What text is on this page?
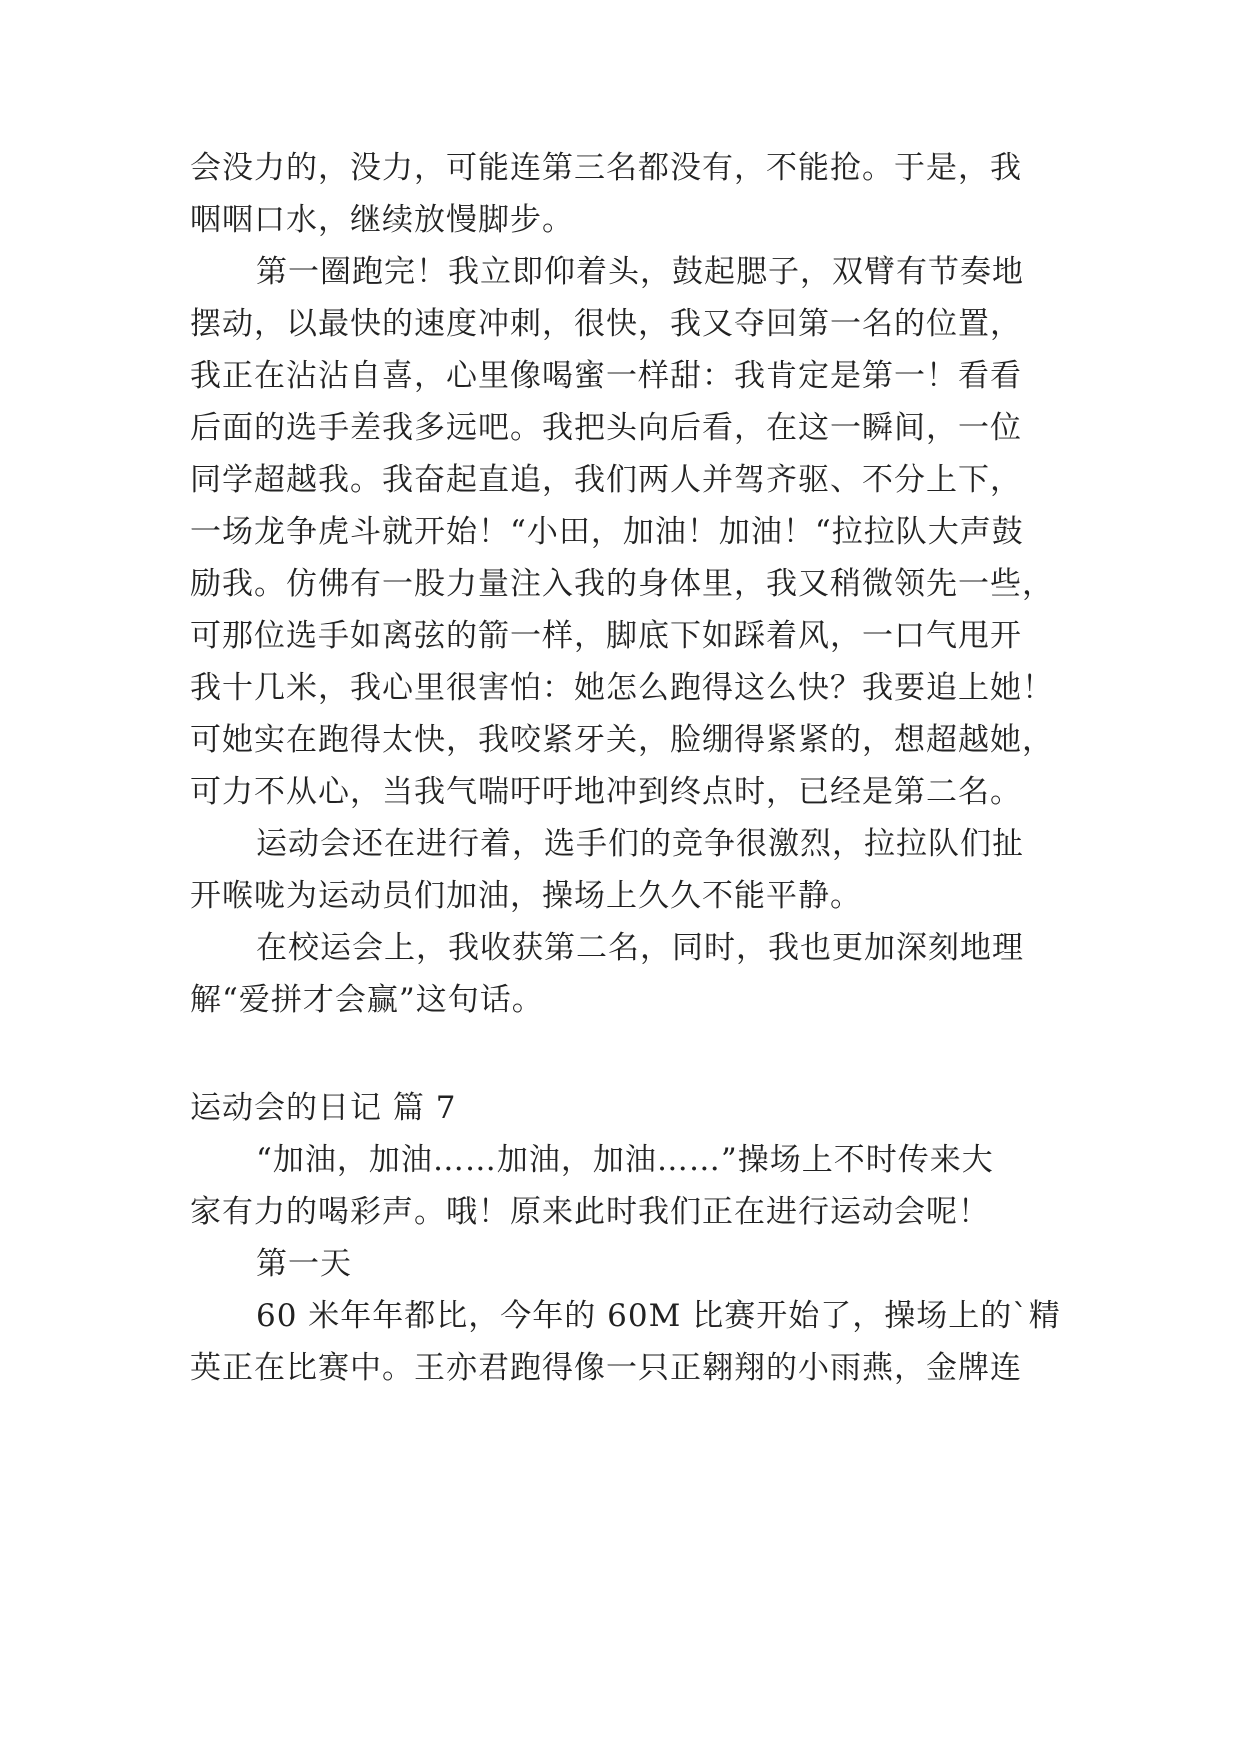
会没力的，没力，可能连第三名都没有，不能抢。于是，我
咽咽口水，继续放慢脚步。
第一圈跑完！我立即仰着头，鼓起腮子，双臂有节奏地
摆动，以最快的速度冲刺，很快，我又夺回第一名的位置，
我正在沾沾自喜，心里像喝蜜一样甜：我肯定是第一！看看
后面的选手差我多远吧。我把头向后看，在这一瞬间，一位
同学超越我。我奋起直追，我们两人并驾齐驱、不分上下，
一场龙争虎斗就开始！“小田，加油！加油！“拉拉队大声鼓
励我。仿佛有一股力量注入我的身体里，我又稍微领先一些，
可那位选手如离弦的箭一样，脚底下如踩着风，一口气甩开
我十几米，我心里很害怕：她怎么跑得这么快？我要追上她！
可她实在跑得太快，我咬紧牙关，脸绷得紧紧的，想超越她，
可力不从心，当我气喘吁吁地冲到终点时，已经是第二名。
运动会还在进行着，选手们的竞争很激烈，拉拉队们扯
开喉咙为运动员们加油，操场上久久不能平静。
在校运会上，我收获第二名，同时，我也更加深刻地理
解“爱拼才会赢”这句话。
运动会的日记 篇 7
“加油，加油……加油，加油……”操场上不时传来大
家有力的喝彩声。哦！原来此时我们正在进行运动会呢！
第一天
60 米年年都比，今年的 60M 比赛开始了，操场上的`精
英正在比赛中。王亦君跑得像一只正翱翔的小雨燕，金牌连
